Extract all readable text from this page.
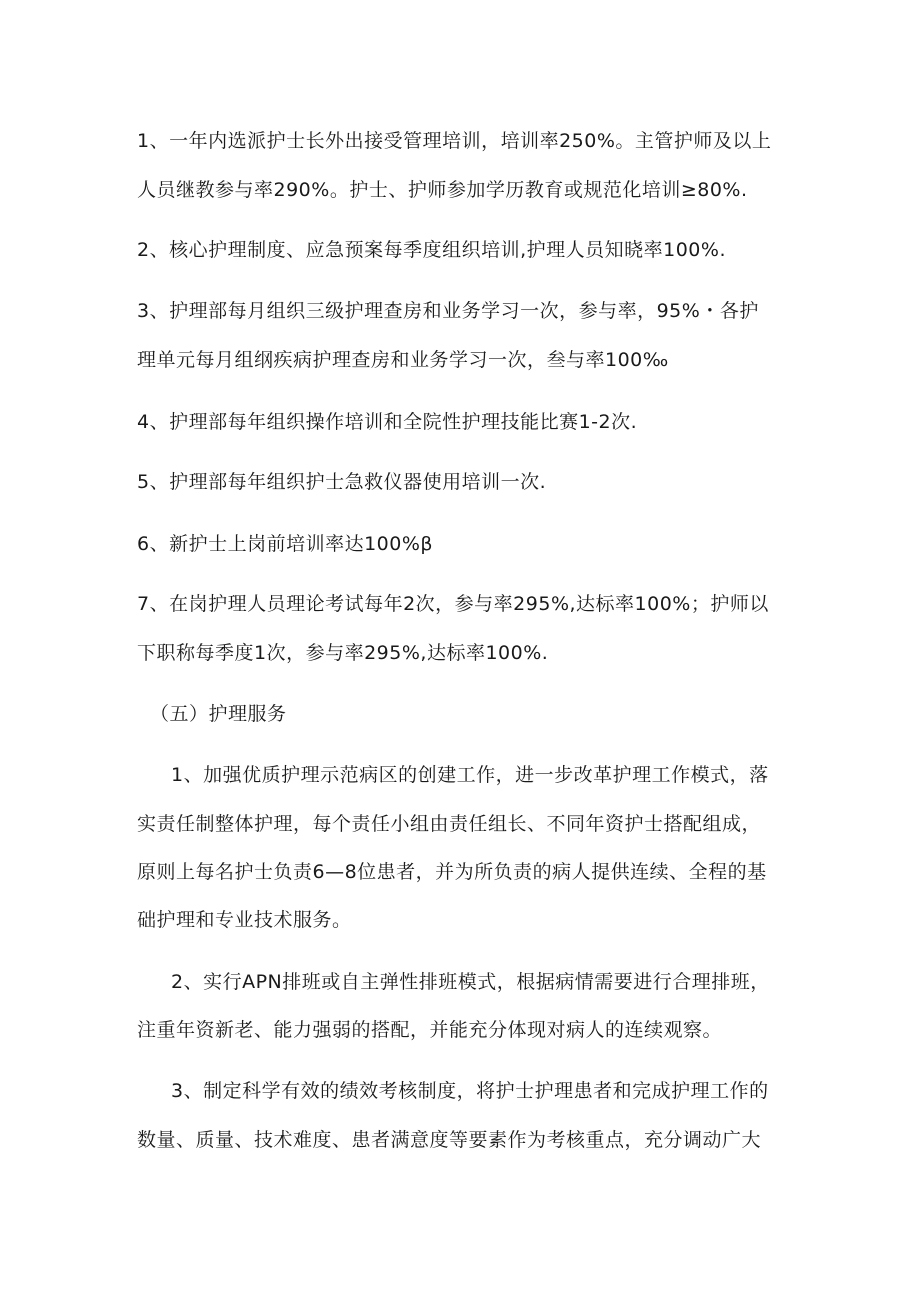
1、一年内选派护士长外出接受管理培训，培训率250%。主管护师及以上
人员继教参与率290%。护士、护师参加学历教育或规范化培训≥80%.
2、核心护理制度、应急预案每季度组织培训,护理人员知晓率100%.
3、护理部每月组织三级护理查房和业务学习一次，参与率，95%・各护
理单元每月组纲疾病护理查房和业务学习一次，叁与率100‰
4、护理部每年组织操作培训和全院性护理技能比赛1-2次.
5、护理部每年组织护士急救仪器使用培训一次.
6、新护士上岗前培训率达100%β
7、在岗护理人员理论考试每年2次，参与率295%,达标率100%；护师以
下职称每季度1次，参与率295%,达标率100%.
（五）护理服务
1、加强优质护理示范病区的创建工作，进一步改革护理工作模式，落
实责任制整体护理，每个责任小组由责任组长、不同年资护士搭配组成，
原则上每名护士负责6—8位患者，并为所负责的病人提供连续、全程的基
础护理和专业技术服务。
2、实行APN排班或自主弹性排班模式，根据病情需要进行合理排班，
注重年资新老、能力强弱的搭配，并能充分体现对病人的连续观察。
3、制定科学有效的绩效考核制度，将护士护理患者和完成护理工作的
数量、质量、技术难度、患者满意度等要素作为考核重点，充分调动广大
